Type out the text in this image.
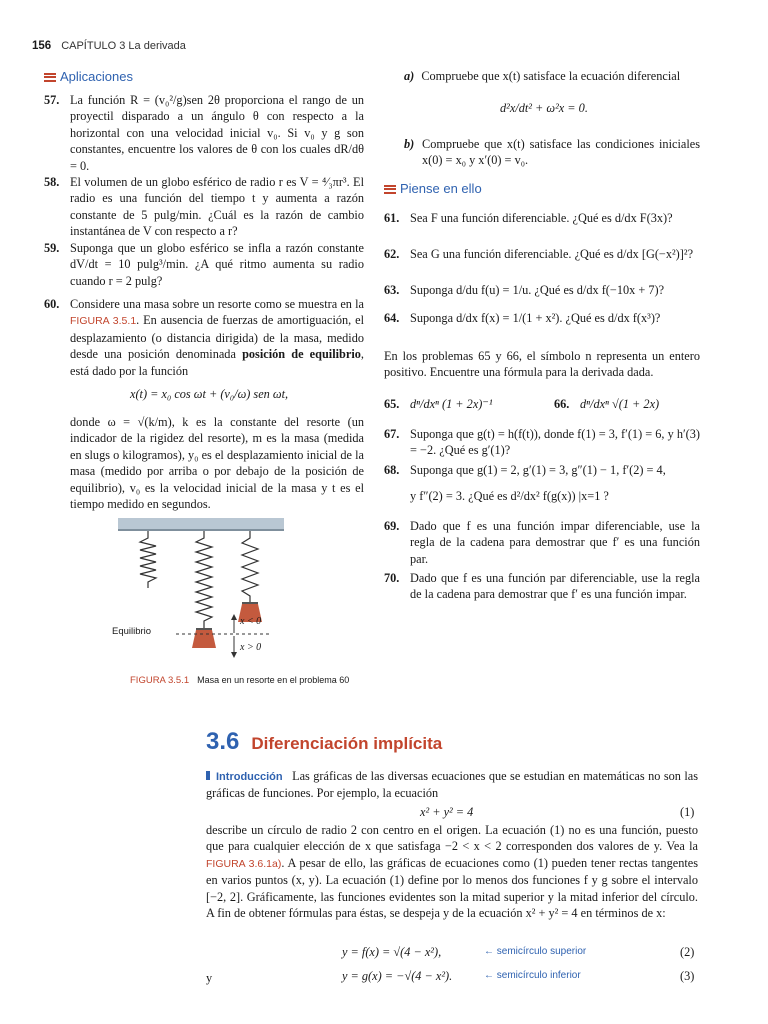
156 CAPÍTULO 3 La derivada
Aplicaciones
57. La función R = (v₀²/g)sen 2θ proporciona el rango de un proyectil disparado a un ángulo θ con respecto a la horizontal con una velocidad inicial v₀. Si v₀ y g son constantes, encuentre los valores de θ con los cuales dR/dθ = 0.
58. El volumen de un globo esférico de radio r es V = ⁴⁄₃πr³. El radio es una función del tiempo t y aumenta a razón constante de 5 pulg/min. ¿Cuál es la razón de cambio instantánea de V con respecto a r?
59. Suponga que un globo esférico se infla a razón constante dV/dt = 10 pulg³/min. ¿A qué ritmo aumenta su radio cuando r = 2 pulg?
60. Considere una masa sobre un resorte como se muestra en la FIGURA 3.5.1. En ausencia de fuerzas de amortiguación, el desplazamiento (o distancia dirigida) de la masa, medido desde una posición denominada posición de equilibrio, está dado por la función
x(t) = x₀ cos ωt + (v₀/ω) sen ωt,
donde ω = √(k/m), k es la constante del resorte (un indicador de la rigidez del resorte), m es la masa (medida en slugs o kilogramos), y₀ es el desplazamiento inicial de la masa (medido por arriba o por debajo de la posición de equilibrio), v₀ es la velocidad inicial de la masa y t es el tiempo medido en segundos.
Equilibrio
x < 0
x > 0
FIGURA 3.5.1 Masa en un resorte en el problema 60
a) Compruebe que x(t) satisface la ecuación diferencial
d²x/dt² + ω²x = 0.
b) Compruebe que x(t) satisface las condiciones iniciales x(0) = x₀ y x′(0) = v₀.
Piense en ello
61. Sea F una función diferenciable. ¿Qué es d/dx F(3x)?
62. Sea G una función diferenciable. ¿Qué es d/dx [G(−x²)]²?
63. Suponga d/du f(u) = 1/u. ¿Qué es d/dx f(−10x + 7)?
64. Suponga d/dx f(x) = 1/(1 + x²). ¿Qué es d/dx f(x³)?
En los problemas 65 y 66, el símbolo n representa un entero positivo. Encuentre una fórmula para la derivada dada.
65. dⁿ/dxⁿ (1 + 2x)⁻¹	66. dⁿ/dxⁿ √(1 + 2x)
67. Suponga que g(t) = h(f(t)), donde f(1) = 3, f′(1) = 6, y h′(3) = −2. ¿Qué es g′(1)?
68. Suponga que g(1) = 2, g′(1) = 3, g″(1) − 1, f′(2) = 4,
y f″(2) = 3. ¿Qué es d²/dx² f(g(x)) |x=1 ?
69. Dado que f es una función impar diferenciable, use la regla de la cadena para demostrar que f′ es una función par.
70. Dado que f es una función par diferenciable, use la regla de la cadena para demostrar que f′ es una función impar.
3.6 Diferenciación implícita
Introducción Las gráficas de las diversas ecuaciones que se estudian en matemáticas no son las gráficas de funciones. Por ejemplo, la ecuación
x² + y² = 4	(1)
describe un círculo de radio 2 con centro en el origen. La ecuación (1) no es una función, puesto que para cualquier elección de x que satisfaga −2 < x < 2 corresponden dos valores de y. Vea la FIGURA 3.6.1a). A pesar de ello, las gráficas de ecuaciones como (1) pueden tener rectas tangentes en varios puntos (x, y). La ecuación (1) define por lo menos dos funciones f y g sobre el intervalo [−2, 2]. Gráficamente, las funciones evidentes son la mitad superior y la mitad inferior del círculo. A fin de obtener fórmulas para éstas, se despeja y de la ecuación x² + y² = 4 en términos de x:
y = f(x) = √(4 − x²),	← semicírculo superior	(2)
y	y = g(x) = −√(4 − x²).	← semicírculo inferior	(3)
